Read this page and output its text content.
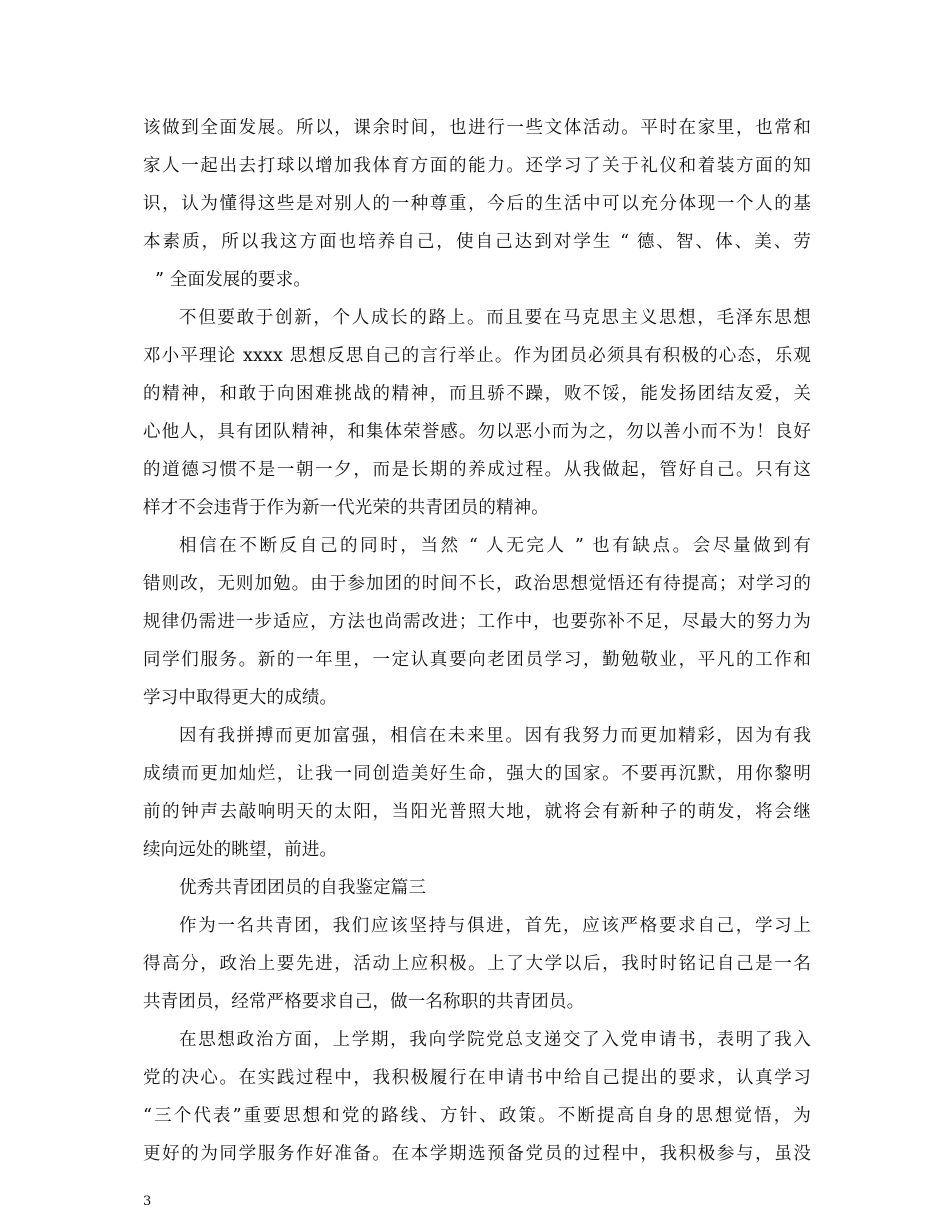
该做到全面发展。所以，课余时间，也进行一些文体活动。平时在家里，也常和
家人一起出去打球以增加我体育方面的能力。还学习了关于礼仪和着装方面的知
识，认为懂得这些是对别人的一种尊重，今后的生活中可以充分体现一个人的基
本素质，所以我这方面也培养自己，使自己达到对学生 “ 德、智、体、美、劳
” 全面发展的要求。
不但要敢于创新，个人成长的路上。而且要在马克思主义思想，毛泽东思想
邓小平理论 xxxx 思想反思自己的言行举止。作为团员必须具有积极的心态，乐观
的精神，和敢于向困难挑战的精神，而且骄不躁，败不馁，能发扬团结友爱，关
心他人，具有团队精神，和集体荣誉感。勿以恶小而为之，勿以善小而不为！良好
的道德习惯不是一朝一夕，而是长期的养成过程。从我做起，管好自己。只有这
样才不会违背于作为新一代光荣的共青团员的精神。
相信在不断反自己的同时，当然 “ 人无完人 ” 也有缺点。会尽量做到有
错则改，无则加勉。由于参加团的时间不长，政治思想觉悟还有待提高；对学习的
规律仍需进一步适应，方法也尚需改进；工作中，也要弥补不足，尽最大的努力为
同学们服务。新的一年里，一定认真要向老团员学习，勤勉敬业，平凡的工作和
学习中取得更大的成绩。
因有我拼搏而更加富强，相信在未来里。因有我努力而更加精彩，因为有我
成绩而更加灿烂，让我一同创造美好生命，强大的国家。不要再沉默，用你黎明
前的钟声去敲响明天的太阳，当阳光普照大地，就将会有新种子的萌发，将会继
续向远处的眺望，前进。
优秀共青团团员的自我鉴定篇三
作为一名共青团，我们应该坚持与俱进，首先，应该严格要求自己，学习上
得高分，政治上要先进，活动上应积极。上了大学以后，我时时铭记自己是一名
共青团员，经常严格要求自己，做一名称职的共青团员。
在思想政治方面，上学期，我向学院党总支递交了入党申请书，表明了我入
党的决心。在实践过程中，我积极履行在申请书中给自己提出的要求，认真学习
“三个代表”重要思想和党的路线、方针、政策。不断提高自身的思想觉悟，为
更好的为同学服务作好准备。在本学期选预备党员的过程中，我积极参与，虽没
3
